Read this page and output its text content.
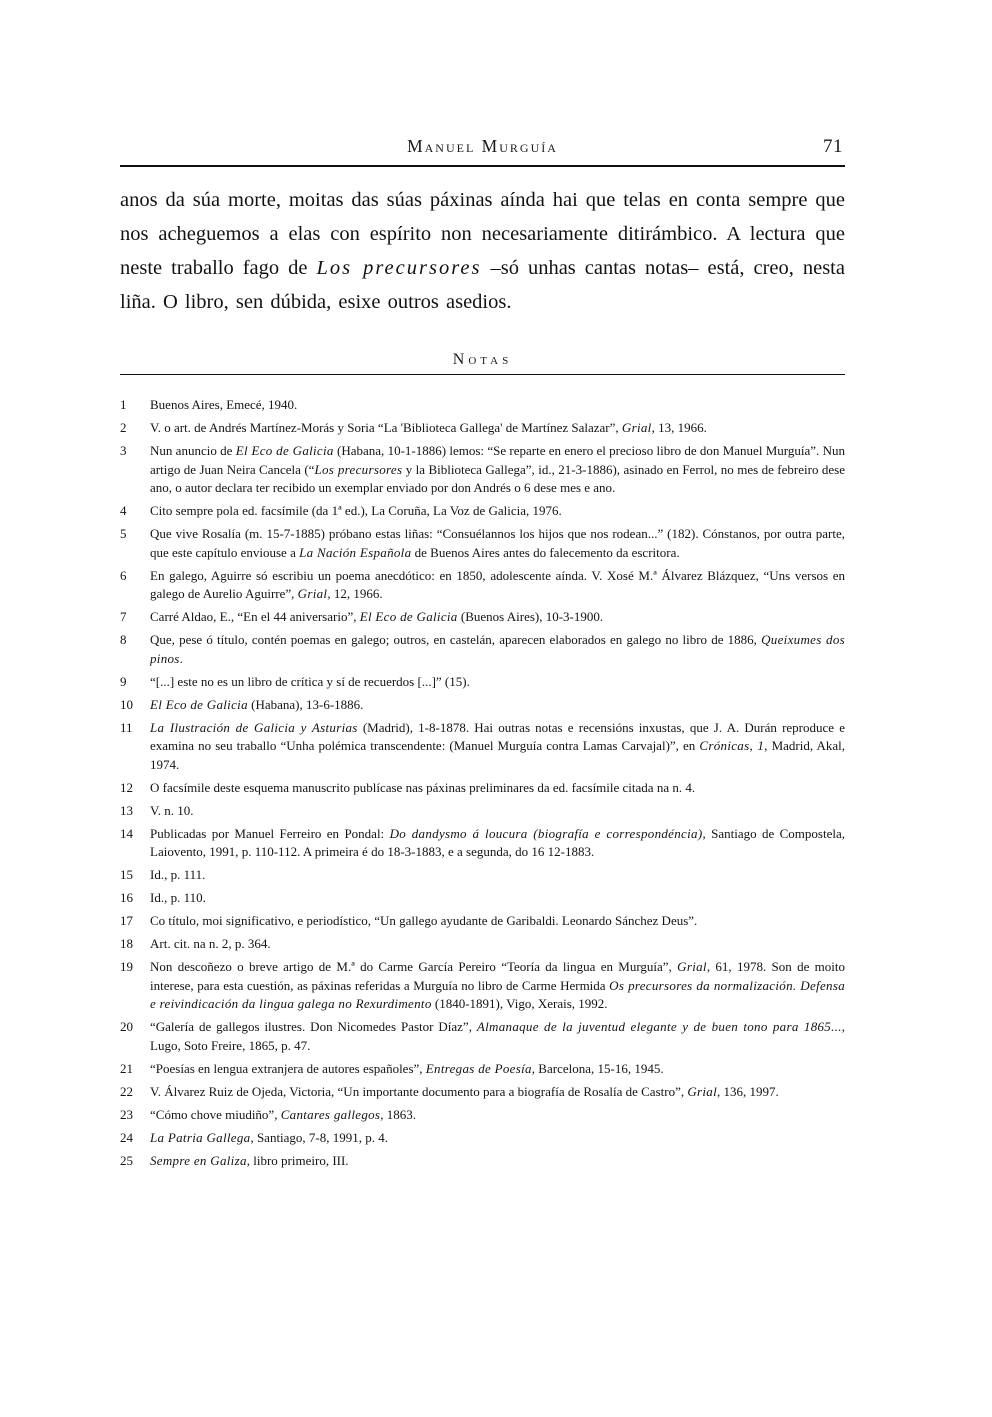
Manuel Murguía	71

anos da súa morte, moitas das súas páxinas aínda hai que telas en conta sempre que nos acheguemos a elas con espírito non necesariamente ditirámbico. A lectura que neste traballo fago de Los precursores –só unhas cantas notas– está, creo, nesta liña. O libro, sen dúbida, esixe outros asedios.

Notas
1	Buenos Aires, Emecé, 1940.
2	V. o art. de Andrés Martínez-Morás y Soria “La 'Biblioteca Gallega' de Martínez Salazar”, Grial, 13, 1966.
3	Nun anuncio de El Eco de Galicia (Habana, 10-1-1886) lemos: “Se reparte en enero el precioso libro de don Manuel Murguía”. Nun artigo de Juan Neira Cancela (“Los precursores y la Biblioteca Gallega”, id., 21-3-1886), asinado en Ferrol, no mes de febreiro dese ano, o autor declara ter recibido un exemplar enviado por don Andrés o 6 dese mes e ano.
4	Cito sempre pola ed. facsímile (da 1ª ed.), La Coruña, La Voz de Galicia, 1976.
5	Que vive Rosalía (m. 15-7-1885) próbano estas liñas: “Consuélannos los hijos que nos rodean...” (182). Cónstanos, por outra parte, que este capítulo enviouse a La Nación Española de Buenos Aires antes do falecemento da escritora.
6	En galego, Aguirre só escribiu un poema anecdótico: en 1850, adolescente aínda. V. Xosé M.ª Álvarez Blázquez, “Uns versos en galego de Aurelio Aguirre”, Grial, 12, 1966.
7	Carré Aldao, E., “En el 44 aniversario”, El Eco de Galicia (Buenos Aires), 10-3-1900.
8	Que, pese ó título, contén poemas en galego; outros, en castelán, aparecen elaborados en galego no libro de 1886, Queixumes dos pinos.
9	“[...] este no es un libro de crítica y sí de recuerdos [...]” (15).
10	El Eco de Galicia (Habana), 13-6-1886.
11	La Ilustración de Galicia y Asturias (Madrid), 1-8-1878. Hai outras notas e recensións inxustas, que J. A. Durán reproduce e examina no seu traballo “Unha polémica transcendente: (Manuel Murguía contra Lamas Carvajal)”, en Crónicas, 1, Madrid, Akal, 1974.
12	O facsímile deste esquema manuscrito publícase nas páxinas preliminares da ed. facsímile citada na n. 4.
13	V. n. 10.
14	Publicadas por Manuel Ferreiro en Pondal: Do dandysmo á loucura (biografía e correspondéncia), Santiago de Compostela, Laiovento, 1991, p. 110-112. A primeira é do 18-3-1883, e a segunda, do 16 12-1883.
15	Id., p. 111.
16	Id., p. 110.
17	Co título, moi significativo, e periodístico, “Un gallego ayudante de Garibaldi. Leonardo Sánchez Deus”.
18	Art. cit. na n. 2, p. 364.
19	Non descoñezo o breve artigo de M.ª do Carme García Pereiro “Teoría da lingua en Murguía”, Grial, 61, 1978. Son de moito interese, para esta cuestión, as páxinas referidas a Murguía no libro de Carme Hermida Os precursores da normalización. Defensa e reivindicación da lingua galega no Rexurdimento (1840-1891), Vigo, Xerais, 1992.
20	“Galería de gallegos ilustres. Don Nicomedes Pastor Díaz”, Almanaque de la juventud elegante y de buen tono para 1865..., Lugo, Soto Freire, 1865, p. 47.
21	“Poesías en lengua extranjera de autores españoles”, Entregas de Poesía, Barcelona, 15-16, 1945.
22	V. Álvarez Ruiz de Ojeda, Victoria, “Un importante documento para a biografía de Rosalía de Castro”, Grial, 136, 1997.
23	“Cómo chove miudiño”, Cantares gallegos, 1863.
24	La Patria Gallega, Santiago, 7-8, 1991, p. 4.
25	Sempre en Galiza, libro primeiro, III.
